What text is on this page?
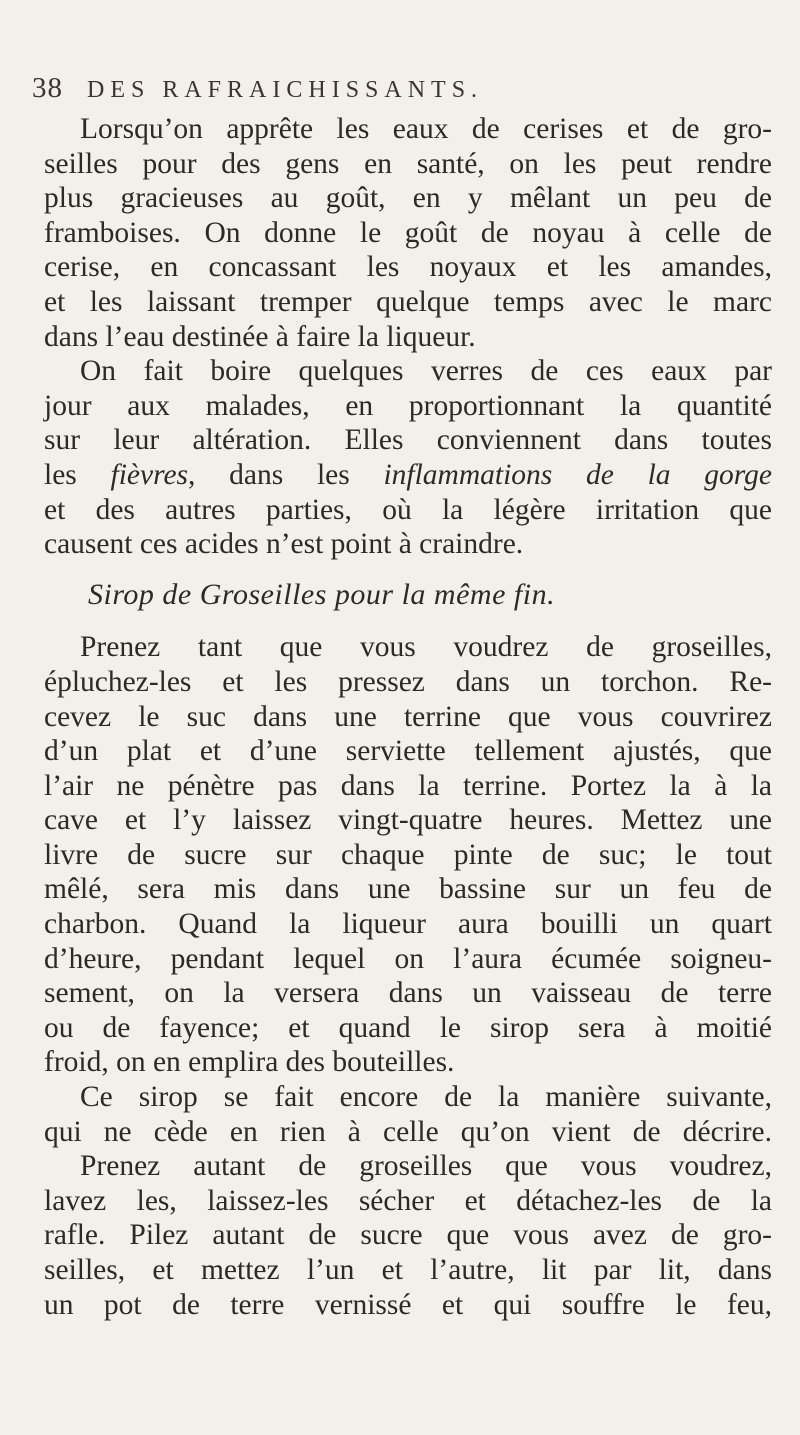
38 DES RAFRAICHISSANTS.
Lorsqu’on apprête les eaux de cerises et de gro-
seilles pour des gens en santé, on les peut rendre
plus gracieuses au goût, en y mêlant un peu de
framboises. On donne le goût de noyau à celle de
cerise, en concassant les noyaux et les amandes,
et les laissant tremper quelque temps avec le marc
dans l’eau destinée à faire la liqueur.
On fait boire quelques verres de ces eaux par
jour aux malades, en proportionnant la quantité
sur leur altération. Elles conviennent dans toutes
les fièvres, dans les inflammations de la gorge
et des autres parties, où la légère irritation que
causent ces acides n’est point à craindre.
Sirop de Groseilles pour la même fin.
Prenez tant que vous voudrez de groseilles,
épluchez-les et les pressez dans un torchon. Re-
cevez le suc dans une terrine que vous couvrirez
d’un plat et d’une serviette tellement ajustés, que
l’air ne pénètre pas dans la terrine. Portez la à la
cave et l’y laissez vingt-quatre heures. Mettez une
livre de sucre sur chaque pinte de suc; le tout
mêlé, sera mis dans une bassine sur un feu de
charbon. Quand la liqueur aura bouilli un quart
d’heure, pendant lequel on l’aura écumée soigneu-
sement, on la versera dans un vaisseau de terre
ou de fayence; et quand le sirop sera à moitié
froid, on en emplira des bouteilles.
Ce sirop se fait encore de la manière suivante,
qui ne cède en rien à celle qu’on vient de décrire.
Prenez autant de groseilles que vous voudrez,
lavez les, laissez-les sécher et détachez-les de la
rafle. Pilez autant de sucre que vous avez de gro-
seilles, et mettez l’un et l’autre, lit par lit, dans
un pot de terre vernissé et qui souffre le feu,
